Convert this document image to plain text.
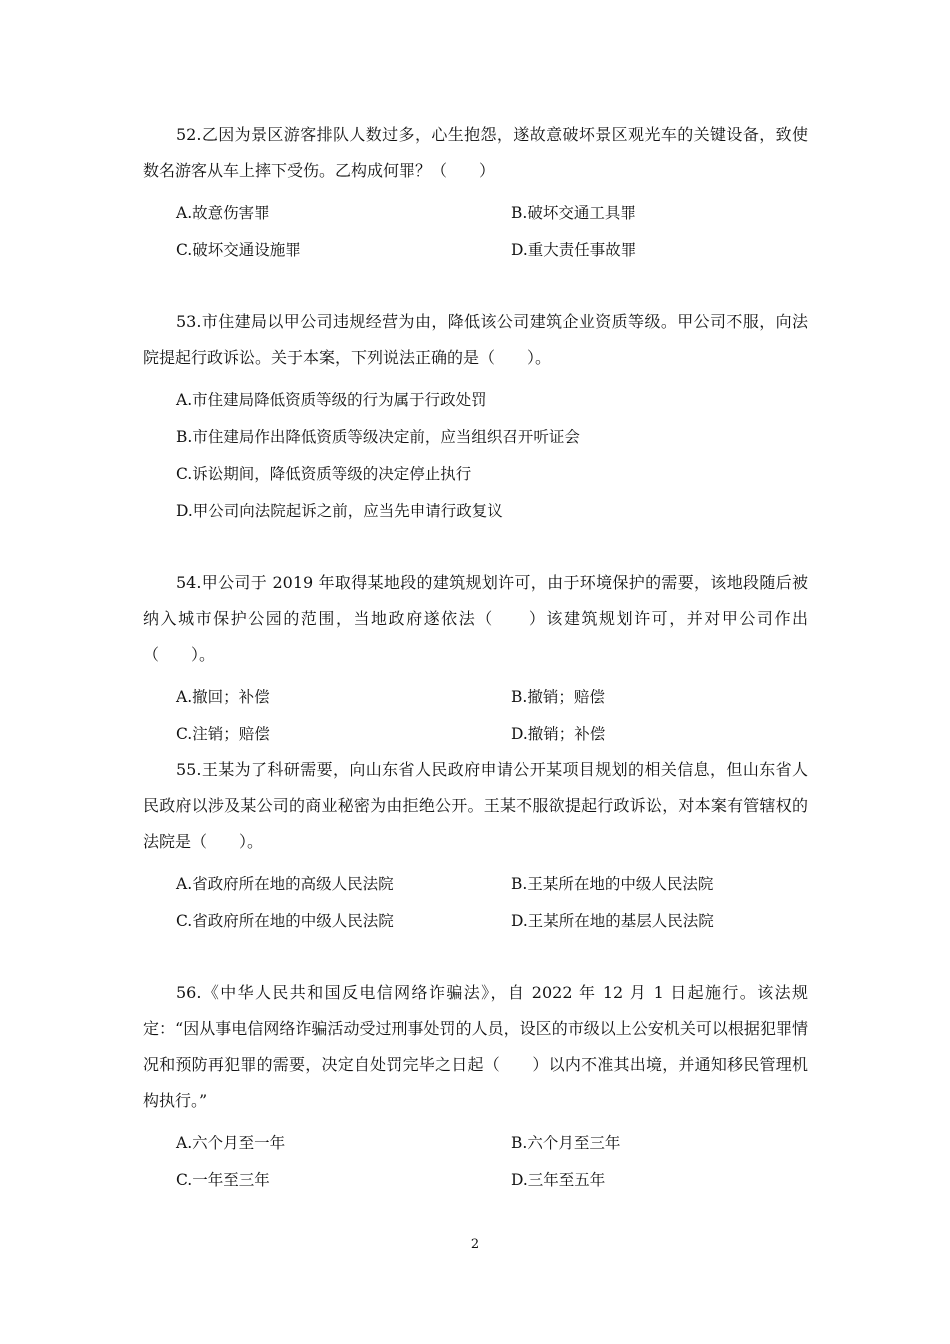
52.乙因为景区游客排队人数过多，心生抱怨，遂故意破坏景区观光车的关键设备，致使数名游客从车上摔下受伤。乙构成何罪？（　　）

A.故意伤害罪	B.破坏交通工具罪
C.破坏交通设施罪	D.重大责任事故罪

53.市住建局以甲公司违规经营为由，降低该公司建筑企业资质等级。甲公司不服，向法院提起行政诉讼。关于本案，下列说法正确的是（　　）。

A.市住建局降低资质等级的行为属于行政处罚
B.市住建局作出降低资质等级决定前，应当组织召开听证会
C.诉讼期间，降低资质等级的决定停止执行
D.甲公司向法院起诉之前，应当先申请行政复议

54.甲公司于 2019 年取得某地段的建筑规划许可，由于环境保护的需要，该地段随后被纳入城市保护公园的范围，当地政府遂依法（　　）该建筑规划许可，并对甲公司作出（　　）。

A.撤回；补偿	B.撤销；赔偿
C.注销；赔偿	D.撤销；补偿

55.王某为了科研需要，向山东省人民政府申请公开某项目规划的相关信息，但山东省人民政府以涉及某公司的商业秘密为由拒绝公开。王某不服欲提起行政诉讼，对本案有管辖权的法院是（　　）。

A.省政府所在地的高级人民法院	B.王某所在地的中级人民法院
C.省政府所在地的中级人民法院	D.王某所在地的基层人民法院

56.《中华人民共和国反电信网络诈骗法》，自 2022 年 12 月 1 日起施行。该法规定：“因从事电信网络诈骗活动受过刑事处罚的人员，设区的市级以上公安机关可以根据犯罪情况和预防再犯罪的需要，决定自处罚完毕之日起（　　）以内不准其出境，并通知移民管理机构执行。”

A.六个月至一年	B.六个月至三年
C.一年至三年	D.三年至五年
2
